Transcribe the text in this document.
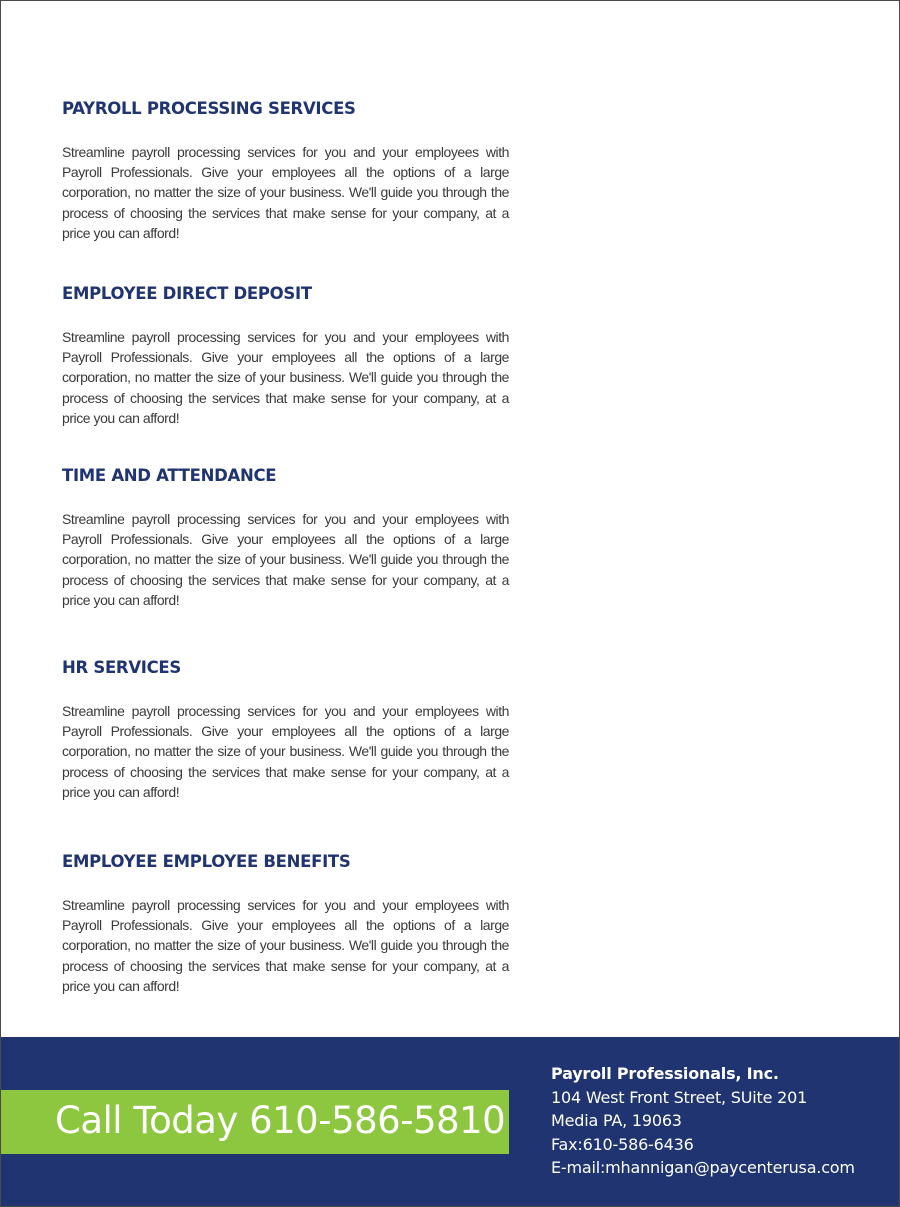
PAYROLL PROCESSING SERVICES

Streamline payroll processing services for you and your employees with Payroll Professionals. Give your employees all the options of a large corporation, no matter the size of your business. We'll guide you through the process of choosing the services that make sense for your company, at a price you can afford!

EMPLOYEE DIRECT DEPOSIT

Streamline payroll processing services for you and your employees with Payroll Professionals. Give your employees all the options of a large corporation, no matter the size of your business. We'll guide you through the process of choosing the services that make sense for your company, at a price you can afford!

TIME AND ATTENDANCE

Streamline payroll processing services for you and your employees with Payroll Professionals. Give your employees all the options of a large corporation, no matter the size of your business. We'll guide you through the process of choosing the services that make sense for your company, at a price you can afford!

HR SERVICES

Streamline payroll processing services for you and your employees with Payroll Professionals. Give your employees all the options of a large corporation, no matter the size of your business. We'll guide you through the process of choosing the services that make sense for your company, at a price you can afford!

EMPLOYEE EMPLOYEE BENEFITS

Streamline payroll processing services for you and your employees with Payroll Professionals. Give your employees all the options of a large corporation, no matter the size of your business. We'll guide you through the process of choosing the services that make sense for your company, at a price you can afford!

Call Today 610-586-5810
Payroll Professionals, Inc.
104 West Front Street, SUite 201
Media PA, 19063
Fax:610-586-6436
E-mail:mhannigan@paycenterusa.com
